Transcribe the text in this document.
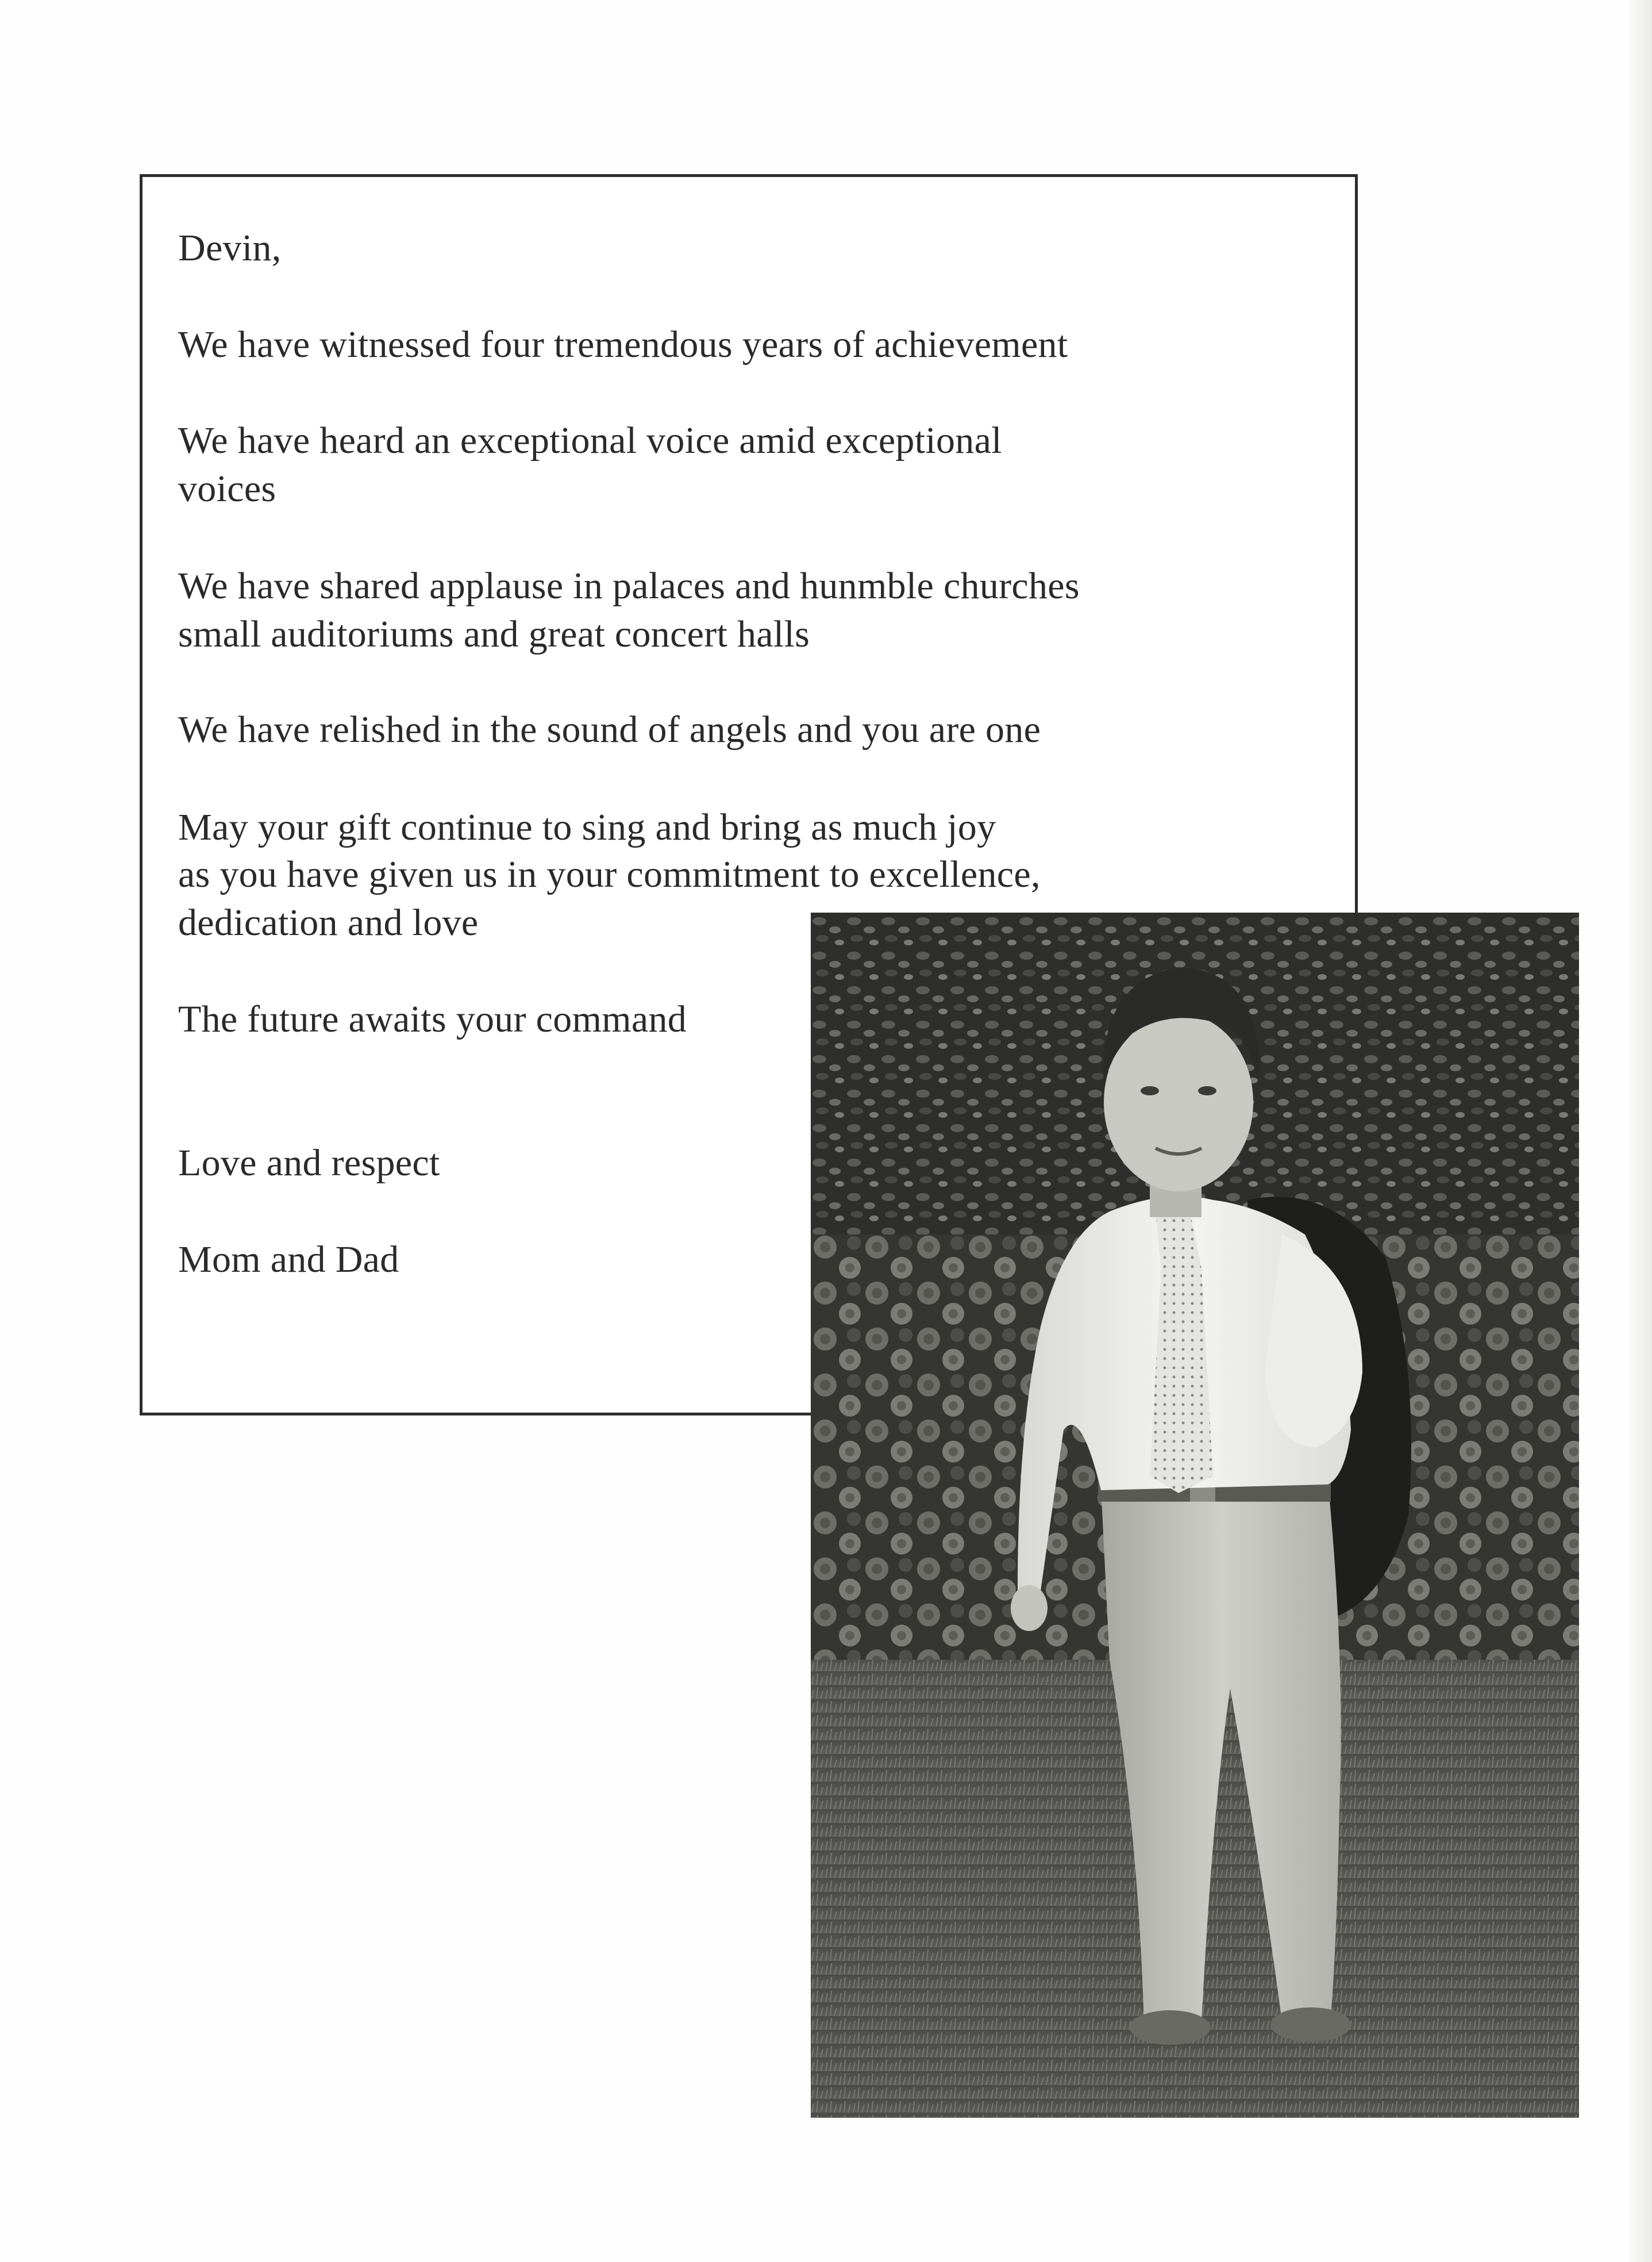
Devin,

We have witnessed four tremendous years of achievement

We have heard an exceptional voice amid exceptional

voices

We have shared applause in palaces and hunmble churches

small auditoriums and great concert halls

We have relished in the sound of angels and you are one

May your gift continue to sing and bring as much joy

as you have given us in your commitment to excellence,

dedication and love

The future awaits your command

Love and respect

Mom and Dad
